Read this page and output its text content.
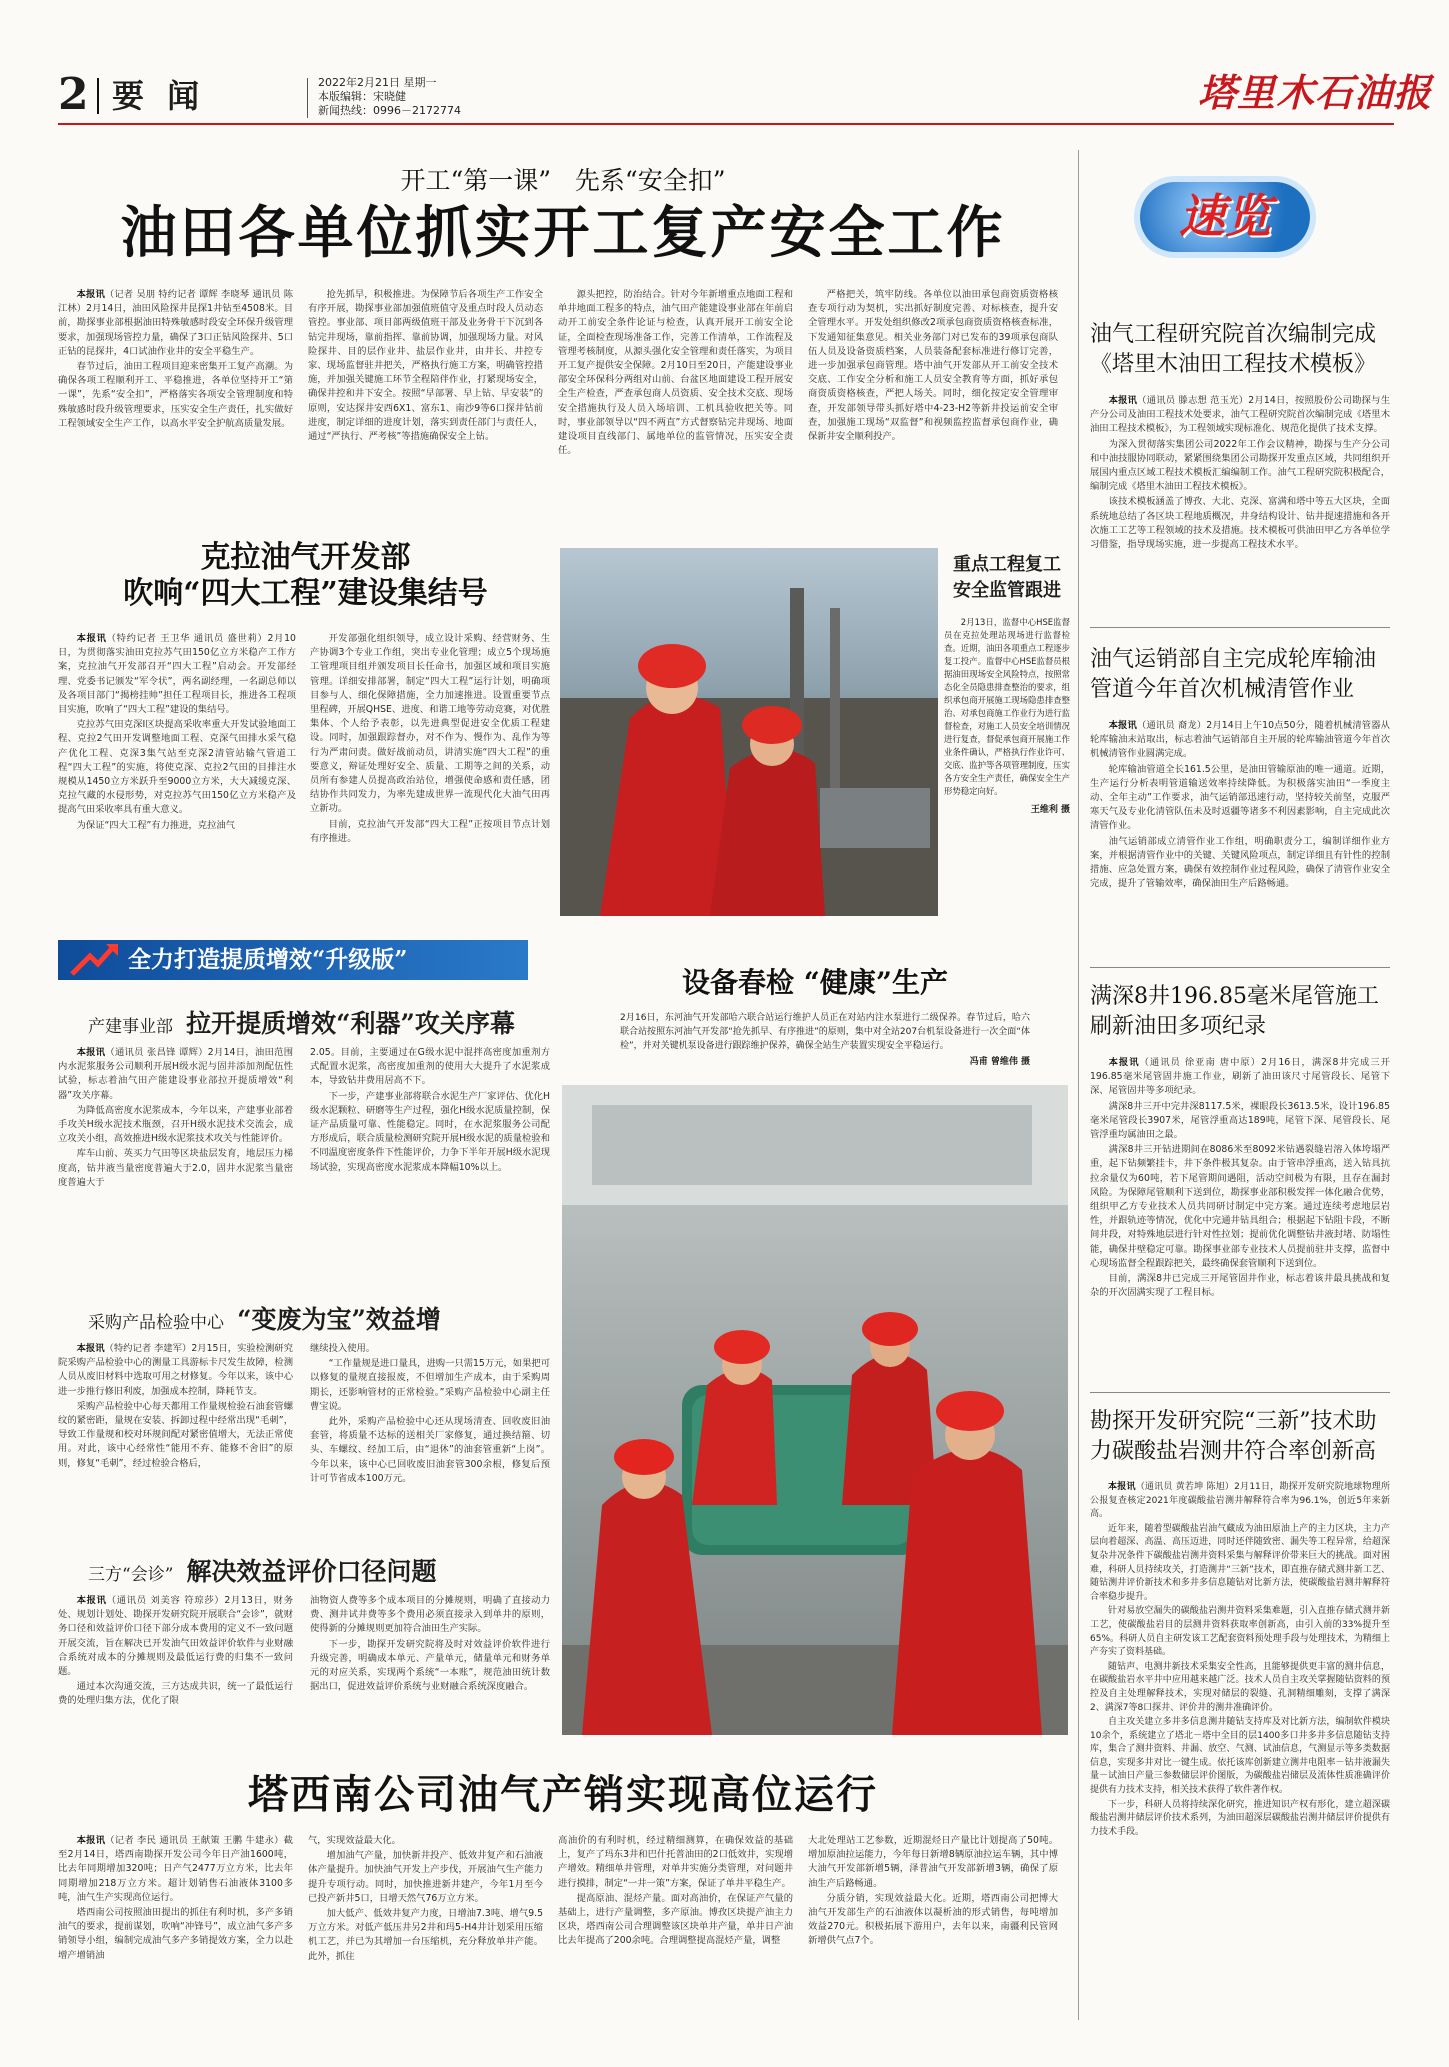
2 要 闻	2022年2月21日 星期一
本版编辑：宋晓健
新闻热线：0996－2172774	塔里木石油报
开工“第一课”   先系“安全扣”
油田各单位抓实开工复产安全工作

本报讯（记者 吴朋 特约记者 谭辉 李晓琴 通讯员 陈江林）2月14日，油田风险探井昆探1井钻至4508米。目前，勘探事业部根据油田特殊敏感时段安全环保升级管理要求，加强现场管控力量，确保了3口正钻风险探井、5口正钻的昆探井，4口试油作业井的安全平稳生产。

春节过后，油田工程项目迎来密集开工复产高潮。为确保各项工程顺利开工、平稳推进，各单位坚持开工“第一课”，先系“安全扣”，严格落实各项安全管理制度和特殊敏感时段升级管理要求，压实安全生产责任，扎实做好工程领域安全生产工作，以高水平安全护航高质量发展。

抢先抓早，积极推进。为保障节后各项生产工作安全有序开展，勘探事业部加强值班值守及重点时段人员动态管控。事业部、项目部两级值班干部及业务骨干下沉到各钻完井现场，靠前指挥、靠前协调，加强现场力量。对风险探井、目的层作业井、盐层作业井，由井长、井控专家、现场监督驻井把关，严格执行施工方案，明确管控措施，并加强关键施工环节全程陪伴作业，打紧现场安全，确保井控和井下安全。按照“早部署、早上钻、早安装”的原则，安达探井安西6X1、富东1、南沙9等6口探井钻前进度，制定详细的进度计划，落实到责任部门与责任人，通过“严执行、严考核”等措施确保安全上钻。

源头把控，防治结合。针对今年新增重点地面工程和单井地面工程多的特点，油气田产能建设事业部在年前启动开工前安全条件论证与检查，认真开展开工前安全论证，全面检查现场准备工作，完善工作清单，工作流程及管理考核制度，从源头强化安全管理和责任落实，为项目开工复产提供安全保障。2月10日至20日，产能建设事业部安全环保科分两组对山前、台盆区地面建设工程开展安全生产检查，严查承包商人员资质、安全技术交底、现场安全措施执行及人员入场培训、工机具验收把关等。同时，事业部领导以“四不两直”方式督察钻完井现场、地面建设项目直线部门、属地单位的监管情况，压实安全责任。

严格把关，筑牢防线。各单位以油田承包商资质资格核查专项行动为契机，实出抓好制度完善、对标核查，提升安全管理水平。开发处组织修改2项承包商资质资格核查标准，下发通知征集意见。相关业务部门对已发布的39项承包商队伍人员及设备资质档案，人员装备配套标准进行修订完善，进一步加强承包商管理。塔中油气开发部从开工前安全技术交底、工作安全分析和施工人员安全教育等方面，抓好承包商资质资格核查，严把人场关。同时，细化按定安全管理审查，开发部领导带头抓好塔中4-23-H2等新井投运前安全审查，加强施工现场“双监督”和视频监控监督承包商作业，确保新井安全顺利投产。

速览
油气工程研究院首次编制完成《塔里木油田工程技术模板》

本报讯（通讯员 滕志想 范玉光）2月14日，按照股份公司勘探与生产分公司及油田工程技术处要求，油气工程研究院首次编制完成《塔里木油田工程技术模板》，为工程领域实现标准化、规范化提供了技术支撑。

为深入贯彻落实集团公司2022年工作会议精神，勘探与生产分公司和中油技服协同联动，紧紧围绕集团公司勘探开发重点区域，共同组织开展国内重点区域工程技术模板汇编编制工作。油气工程研究院积极配合，编制完成《塔里木油田工程技术模板》。

该技术模板涵盖了博孜、大北、克深、富满和塔中等五大区块，全面系统地总结了各区块工程地质概况，井身结构设计、钻井提速措施和各开次施工工艺等工程领域的技术及措施。技术模板可供油田甲乙方各单位学习借鉴，指导现场实施，进一步提高工程技术水平。

油气运销部自主完成轮库输油管道今年首次机械清管作业

本报讯（通讯员 裔龙）2月14日上午10点50分，随着机械清管器从轮库输油末站取出，标志着油气运销部自主开展的轮库输油管道今年首次机械清管作业圆满完成。

轮库输油管道全长161.5公里，是油田管输原油的唯一通道。近期，生产运行分析表明管道输送效率持续降低。为积极落实油田“一季度主动、全年主动”工作要求，油气运销部迅速行动，坚持较关前坚，克服严寒天气及专业化清管队伍未及时返疆等诸多不利因素影响，自主完成此次清管作业。

油气运销部成立清管作业工作组，明确职责分工，编制详细作业方案，并根据清管作业中的关键、关键风险项点，制定详细且有针性的控制措施、应急处置方案，确保有效控制作业过程风险，确保了清管作业安全完成，提升了管输效率，确保油田生产后路畅通。

满深8井196.85毫米尾管施工刷新油田多项纪录

本报讯（通讯员 徐亚南 唐中原）2月16日，满深8井完成三开196.85毫米尾管固井施工作业，刷新了油田该尺寸尾管段长、尾管下深、尾管固井等多项纪录。

满深8井三开中完井深8117.5米，裸眼段长3613.5米，设计196.85毫米尾管段长3907米，尾管浮重高达189吨，尾管下深、尾管段长、尾管浮重均属油田之最。

满深8井三开钻进期间在8086米至8092米钻遇裂缝岩溶入体垮塌严重，起下钻频繁挂卡，井下条件极其复杂。由于管串浮重高，送入钻具抗拉余量仅为60吨，若下尾管期间遇阻，活动空间极为有限，且存在漏封风险。为保障尾管顺利下送到位，勘探事业部积极发挥一体化融合优势，组织甲乙方专业技术人员共同研讨制定中完方案。通过连续考虑地层岩性，并跟轨迹等情况，优化中完通井钻具组合；根据起下钻阻卡段，不断间井段，对特殊地层进行针对性拉划；提前优化调整钻井液封堵、防塌性能，确保井壁稳定可靠。勘探事业部专业技术人员提前驻井支撑，监督中心现场监督全程跟踪把关，最终确保套管顺利下送到位。

目前，满深8井已完成三开尾管固井作业，标志着该井最具挑战和复杂的开次固满实现了工程目标。

勘探开发研究院“三新”技术助力碳酸盐岩测井符合率创新高

本报讯（通讯员 黄若坤 陈旭）2月11日，勘探开发研究院地球物理所公报复查核定2021年度碳酸盐岩测井解释符合率为96.1%，创近5年来新高。

近年来，随着型碳酸盐岩油气藏成为油田原油上产的主力区块，主力产层向着超深、高温、高压迈进，同时还伴随致密、漏失等工程异常，给超深复杂井况条件下碳酸盐岩测井资料采集与解释评价带来巨大的挑战。面对困难，科研人员持续攻关，打造测井“三新”技术，即直推存储式测井新工艺、随钻测井评价新技术和多井多信息随钻对比新方法，使碳酸盐岩测井解释符合率稳步提升。

针对易放空漏失的碳酸盐岩测井资料采集难题，引入直推存储式测井新工艺，使碳酸盐岩目的层测井资料获取率创新高，由引入前的33%提升至65%。科研人员自主研发该工艺配套资料预处理手段与处理技术，为精细上产夯实了资料基础。

随钻声、电测井新技术采集安全性高，且能够提供更丰富的测井信息，在碳酸盐岩水平井中应用越来越广泛。技术人员自主攻关掌握随钻资料的预控及自主处理解释技术，实现对储层的裂缝、孔洞精细雕刻，支撑了满深2、满深7等8口探井、评价井的测井准确评价。

自主攻关建立多井多信息测井随钻支持库及对比新方法，编制软件模块10余个，系统建立了塔北－塔中全目的层1400多口井多井多信息随钻支持库，集合了测井资料、井漏、放空、气测、试油信息，气测显示等多类数据信息，实现多井对比一键生成。依托该库创新建立测井电阻率－钻井液漏失量－试油日产量三参数储层评价图版，为碳酸盐岩储层及流体性质准确评价提供有力技术支持，相关技术获得了软件著作权。

下一步，科研人员将持续深化研究，推进知识产权有形化，建立超深碳酸盐岩测井储层评价技术系列，为油田超深层碳酸盐岩测井储层评价提供有力技术手段。

克拉油气开发部
吹响“四大工程”建设集结号

本报讯（特约记者 王卫华 通讯员 盛世莉）2月10日，为贯彻落实油田克拉苏气田150亿立方米稳产工作方案，克拉油气开发部召开“四大工程”启动会。开发部经理、党委书记颁发“军令状”，两名副经理，一名副总师以及各项目部门“揭榜挂帅”担任工程项目长，推进各工程项目实施，吹响了“四大工程”建设的集结号。

克拉苏气田克深Ⅰ区块提高采收率重大开发试验地面工程、克拉2气田开发调整地面工程、克深气田排水采气稳产优化工程、克深3集气站至克深2清管站输气管道工程“四大工程”的实施，将使克深、克拉2气田的目排注水规模从1450立方米跃升至9000立方米，大大减缓克深、克拉气藏的水侵形势，对克拉苏气田150亿立方米稳产及提高气田采收率具有重大意义。

为保证“四大工程”有力推进，克拉油气

开发部强化组织领导，成立设计采购、经营财务、生产协调3个专业工作组，突出专业化管理；成立5个现场施工管理项目组并颁发项目长任命书，加强区域和项目实施管理。详细安排部署，制定“四大工程”运行计划，明确项目参与人、细化保障措施，全力加速推进。设置重要节点里程碑，开展QHSE、进度、和谐工地等劳动竞赛，对优胜集体、个人给予表彰，以先进典型促进安全优质工程建设。同时，加强跟踪督办，对不作为、慢作为、乱作为等行为严肃问责。做好战前动员，讲清实施“四大工程”的重要意义，辩证处理好安全、质量、工期等之间的关系，动员所有参建人员提高政治站位，增强使命感和责任感，团结协作共同发力，为率先建成世界一流现代化大油气田再立新功。

目前，克拉油气开发部“四大工程”正按项目节点计划有序推进。

重点工程复工
安全监管跟进
2月13日，监督中心HSE监督员在克拉处理站现场进行监督检查。近期，油田各项重点工程逐步复工投产。监督中心HSE监督员根据油田现场安全风险特点，按照常态化全员隐患排查整治的要求，组织承包商开展施工现场隐患排查整治、对承包商施工作业行为进行监督检查，对施工人员安全培训情况进行复查，督促承包商开展施工作业条件确认，严格执行作业许可、交底、监护等各项管理制度，压实各方安全生产责任，确保安全生产形势稳定向好。
王维利 摄
全力打造提质增效“升级版”
产建事业部 拉开提质增效“利器”攻关序幕

本报讯（通讯员 张昌锋 谭辉）2月14日，油田范围内水泥浆服务公司顺利开展H级水泥与固井添加剂配伍性试验，标志着油气田产能建设事业部拉开提质增效“利器”攻关序幕。

为降低高密度水泥浆成本，今年以来，产建事业部着手攻关H级水泥技术瓶颈，召开H级水泥技术交流会，成立攻关小组，高效推进H级水泥浆技术攻关与性能评价。

库车山前、英买力气田等区块盐层发育，地层压力梯度高，钻井液当量密度普遍大于2.0，固井水泥浆当量密度普遍大于

2.05。目前，主要通过在G级水泥中混拌高密度加重剂方式配置水泥浆，高密度加重剂的使用大大提升了水泥浆成本，导致钻井费用居高不下。

下一步，产建事业部将联合水泥生产厂家评估、优化H级水泥颗粒、研磨等生产过程，强化H级水泥质量控制，保证产品质量可靠、性能稳定。同时，在水泥浆服务公司配方形成后，联合质量检测研究院开展H级水泥的质量检验和不同温度密度条件下性能评价，力争下半年开展H级水泥现场试验，实现高密度水泥浆成本降幅10%以上。

采购产品检验中心 “变废为宝”效益增

本报讯（特约记者 李建军）2月15日，实验检测研究院采购产品检验中心的测量工具游标卡尺发生故障，检测人员从废旧材料中选取可用之材修复。今年以来，该中心进一步推行修旧利废，加强成本控制，降耗节支。

采购产品检验中心每天都用工作量规检验石油套管螺纹的紧密距，量规在安装、拆卸过程中经常出现“毛刺”，导致工作量规和校对环规间配对紧密值增大，无法正常使用。对此，该中心经常性“能用不弃、能修不舍旧”的原则，修复“毛刺”，经过检验合格后，

继续投入使用。

“工作量规是进口量具，进购一只需15万元，如果把可以修复的量规直接报废，不但增加生产成本，由于采购周期长，还影响管材的正常检验。”采购产品检验中心副主任曹宝说。

此外，采购产品检验中心还从现场清查、回收废旧油套管，将质量不达标的送相关厂家修复，通过换结箍、切头、车螺纹、经加工后，由“退休”的油套管重新“上岗”。今年以来，该中心已回收废旧油套管300余根，修复后预计可节省成本100万元。

三方“会诊” 解决效益评价口径问题

本报讯（通讯员 刘美容 符琼莎）2月13日，财务处、规划计划处、勘探开发研究院开展联合“会诊”，就财务口径和效益评价口径下部分成本费用的定义不一致问题开展交流，旨在解决已开发油气田效益评价软件与业财融合系统对成本的分摊规则及最低运行费的归集不一致问题。

通过本次沟通交流，三方达成共识，统一了最低运行费的处理归集方法，优化了限

油物资人费等多个成本项目的分摊规则，明确了直接动力费、测井试井费等多个费用必须直接录入到单井的原则，使得新的分摊规则更加符合油田生产实际。

下一步，勘探开发研究院将及时对效益评价软件进行升级完善，明确成本单元、产量单元，储量单元和财务单元的对应关系，实现两个系统“一本账”，规范油田统计数据出口，促进效益评价系统与业财融合系统深度融合。

设备春检 “健康”生产
2月16日，东河油气开发部哈六联合站运行维护人员正在对站内注水泵进行二级保养。春节过后，哈六联合站按照东河油气开发部“抢先抓早、有序推进”的原则，集中对全站207台机泵设备进行一次全面“体检”，并对关键机泵设备进行跟踪维护保养，确保全站生产装置实现安全平稳运行。
冯甫 曾维伟 摄
塔西南公司油气产销实现高位运行

本报讯（记者 李民 通讯员 王献策 王鹏 牛建永）截至2月14日，塔西南勘探开发公司今年日产油1600吨，比去年同期增加320吨；日产气2477万立方米，比去年同期增加218万立方米。超计划销售石油液体3100多吨，油气生产实现高位运行。

塔西南公司按照油田提出的抓住有利时机，多产多销油气的要求，提前谋划，吹响“冲锋号”，成立油气多产多销领导小组，编制完成油气多产多销提效方案，全力以赴增产增销油

气，实现效益最大化。

增加油气产量，加快新井投产、低效井复产和石油液体产量提升。加快油气开发上产步伐，开展油气生产能力提升专项行动。同时，加快推进新井建产，今年1月至今已投产新井5口，日增天然气76万立方米。

加大低产、低效井复产力度，日增油7.3吨、增气9.5万立方米。对低产低压井另2井和玛5-H4井计划采用压缩机工艺，并已为其增加一台压缩机，充分释放单井产能。此外，抓住

高油价的有利时机，经过精细测算，在确保效益的基础上，复产了玛东3井和巴什托普油田的2口低效井，实现增产增效。精细单井管理，对单井实施分类管理，对问题井进行摸排，制定“一井一策”方案，保证了单井平稳生产。

提高原油、混烃产量。面对高油价，在保证产气量的基础上，进行产量调整，多产原油。博孜区块提产油主力区块，塔西南公司合理调整该区块单井产量，单井日产油比去年提高了200余吨。合理调整提高混烃产量，调整

大北处理站工艺参数，近期混烃日产量比计划提高了50吨。增加原油拉运能力，今年每日新增8辆原油拉运车辆，其中博大油气开发部新增5辆，泽普油气开发部新增3辆，确保了原油生产后路畅通。

分质分销，实现效益最大化。近期，塔西南公司把博大油气开发部生产的石油液体以凝析油的形式销售，每吨增加效益270元。积极拓展下游用户，去年以来，南疆利民管网新增供气点7个。
